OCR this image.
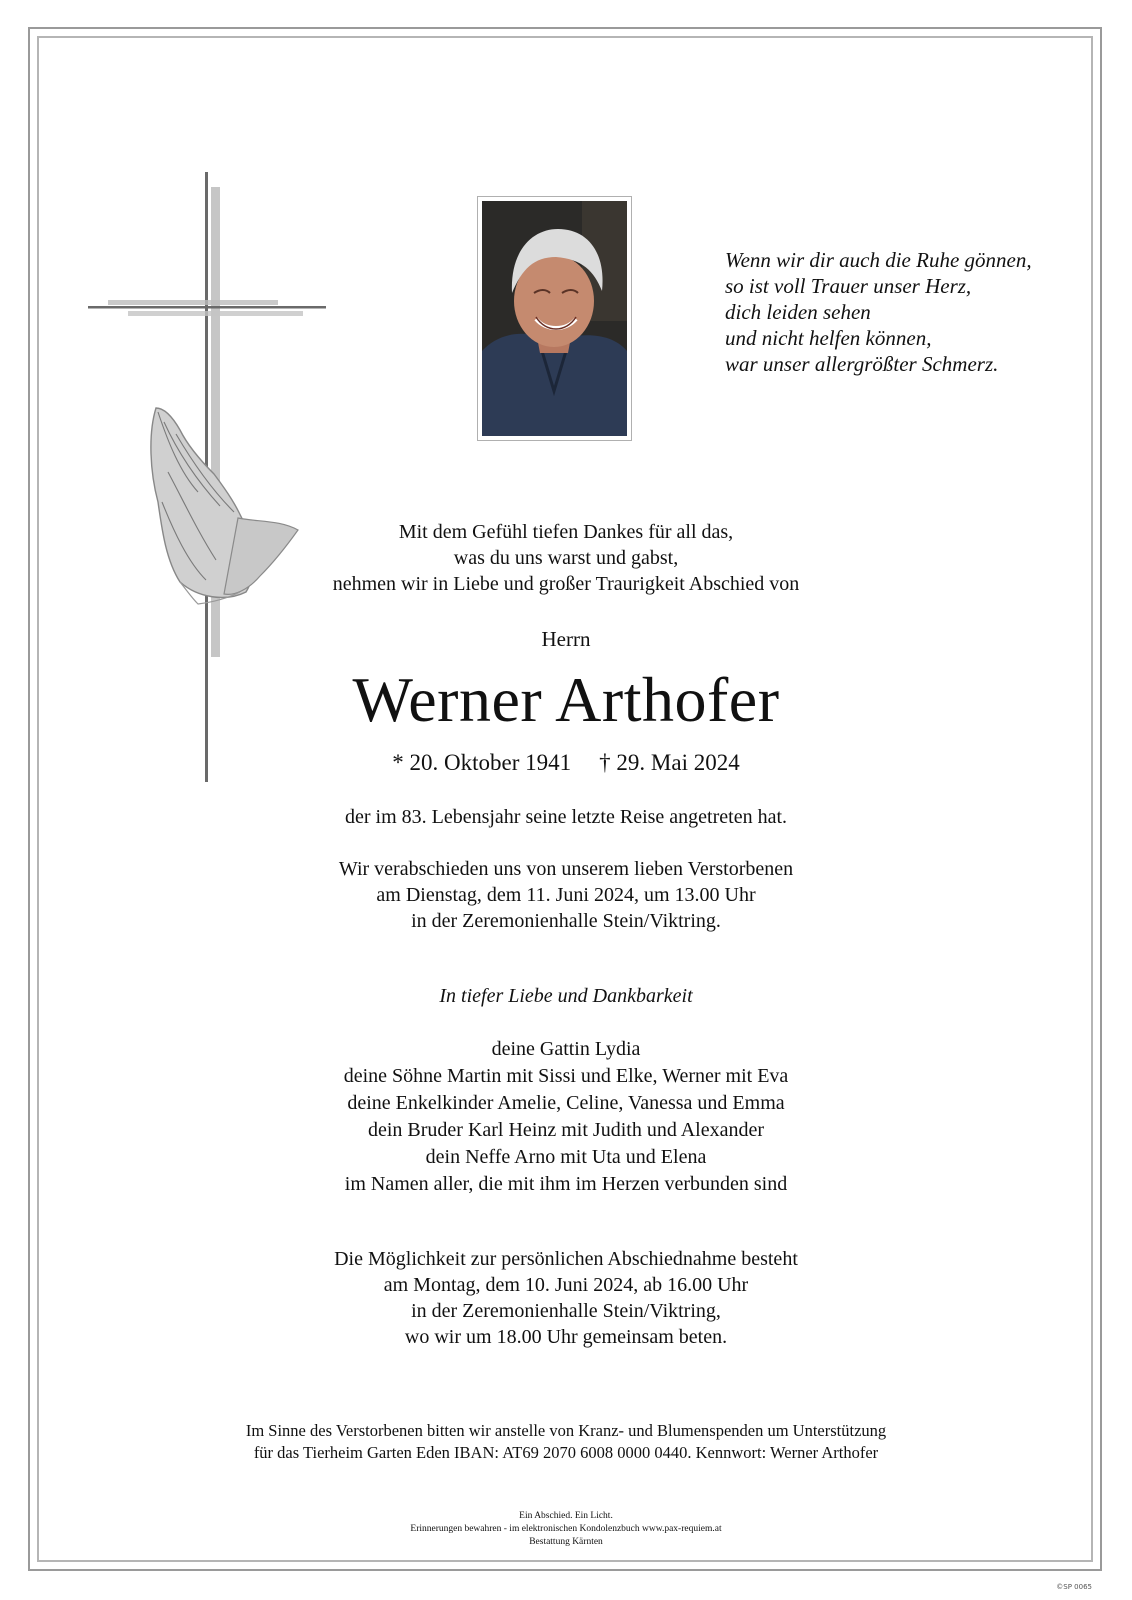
Wenn wir dir auch die Ruhe gönnen,
so ist voll Trauer unser Herz,
dich leiden sehen
und nicht helfen können,
war unser allergrößter Schmerz.
Mit dem Gefühl tiefen Dankes für all das,
was du uns warst und gabst,
nehmen wir in Liebe und großer Traurigkeit Abschied von
Herrn
Werner Arthofer
* 20. Oktober 1941 † 29. Mai 2024
der im 83. Lebensjahr seine letzte Reise angetreten hat.
Wir verabschieden uns von unserem lieben Verstorbenen
am Dienstag, dem 11. Juni 2024, um 13.00 Uhr
in der Zeremonienhalle Stein/Viktring.
In tiefer Liebe und Dankbarkeit
deine Gattin Lydia
deine Söhne Martin mit Sissi und Elke, Werner mit Eva
deine Enkelkinder Amelie, Celine, Vanessa und Emma
dein Bruder Karl Heinz mit Judith und Alexander
dein Neffe Arno mit Uta und Elena
im Namen aller, die mit ihm im Herzen verbunden sind
Die Möglichkeit zur persönlichen Abschiednahme besteht
am Montag, dem 10. Juni 2024, ab 16.00 Uhr
in der Zeremonienhalle Stein/Viktring,
wo wir um 18.00 Uhr gemeinsam beten.
Im Sinne des Verstorbenen bitten wir anstelle von Kranz- und Blumenspenden um Unterstützung
für das Tierheim Garten Eden IBAN: AT69 2070 6008 0000 0440. Kennwort: Werner Arthofer
Ein Abschied. Ein Licht.
Erinnerungen bewahren - im elektronischen Kondolenzbuch www.pax-requiem.at
Bestattung Kärnten
©SP 0065
